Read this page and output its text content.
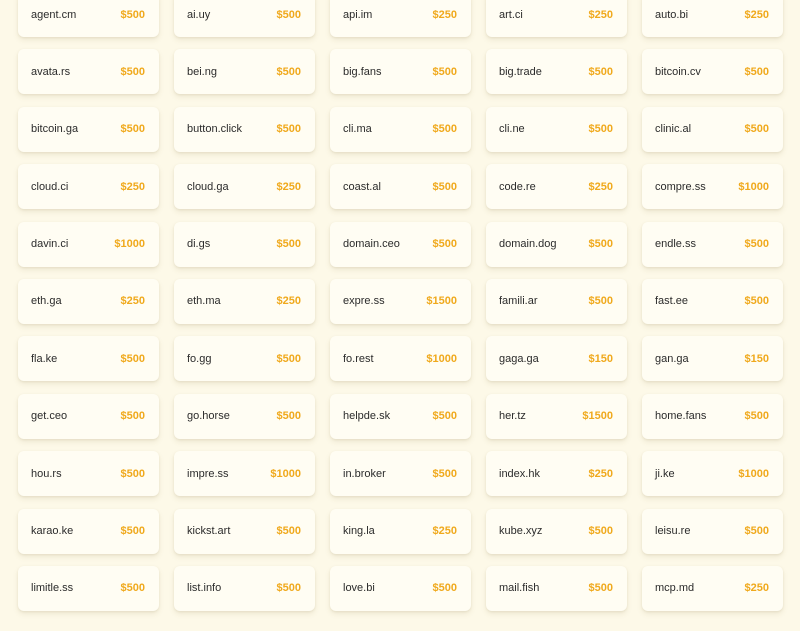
agent.cm	$500	ai.uy	$500	api.im	$250	art.ci	$250	auto.bi	$250
avata.rs	$500	bei.ng	$500	big.fans	$500	big.trade	$500	bitcoin.cv	$500
bitcoin.ga	$500	button.click	$500	cli.ma	$500	cli.ne	$500	clinic.al	$500
cloud.ci	$250	cloud.ga	$250	coast.al	$500	code.re	$250	compre.ss	$1000
davin.ci	$1000	di.gs	$500	domain.ceo	$500	domain.dog	$500	endle.ss	$500
eth.ga	$250	eth.ma	$250	expre.ss	$1500	famili.ar	$500	fast.ee	$500
fla.ke	$500	fo.gg	$500	fo.rest	$1000	gaga.ga	$150	gan.ga	$150
get.ceo	$500	go.horse	$500	helpde.sk	$500	her.tz	$1500	home.fans	$500
hou.rs	$500	impre.ss	$1000	in.broker	$500	index.hk	$250	ji.ke	$1000
karao.ke	$500	kickst.art	$500	king.la	$250	kube.xyz	$500	leisu.re	$500
limitle.ss	$500	list.info	$500	love.bi	$500	mail.fish	$500	mcp.md	$250
